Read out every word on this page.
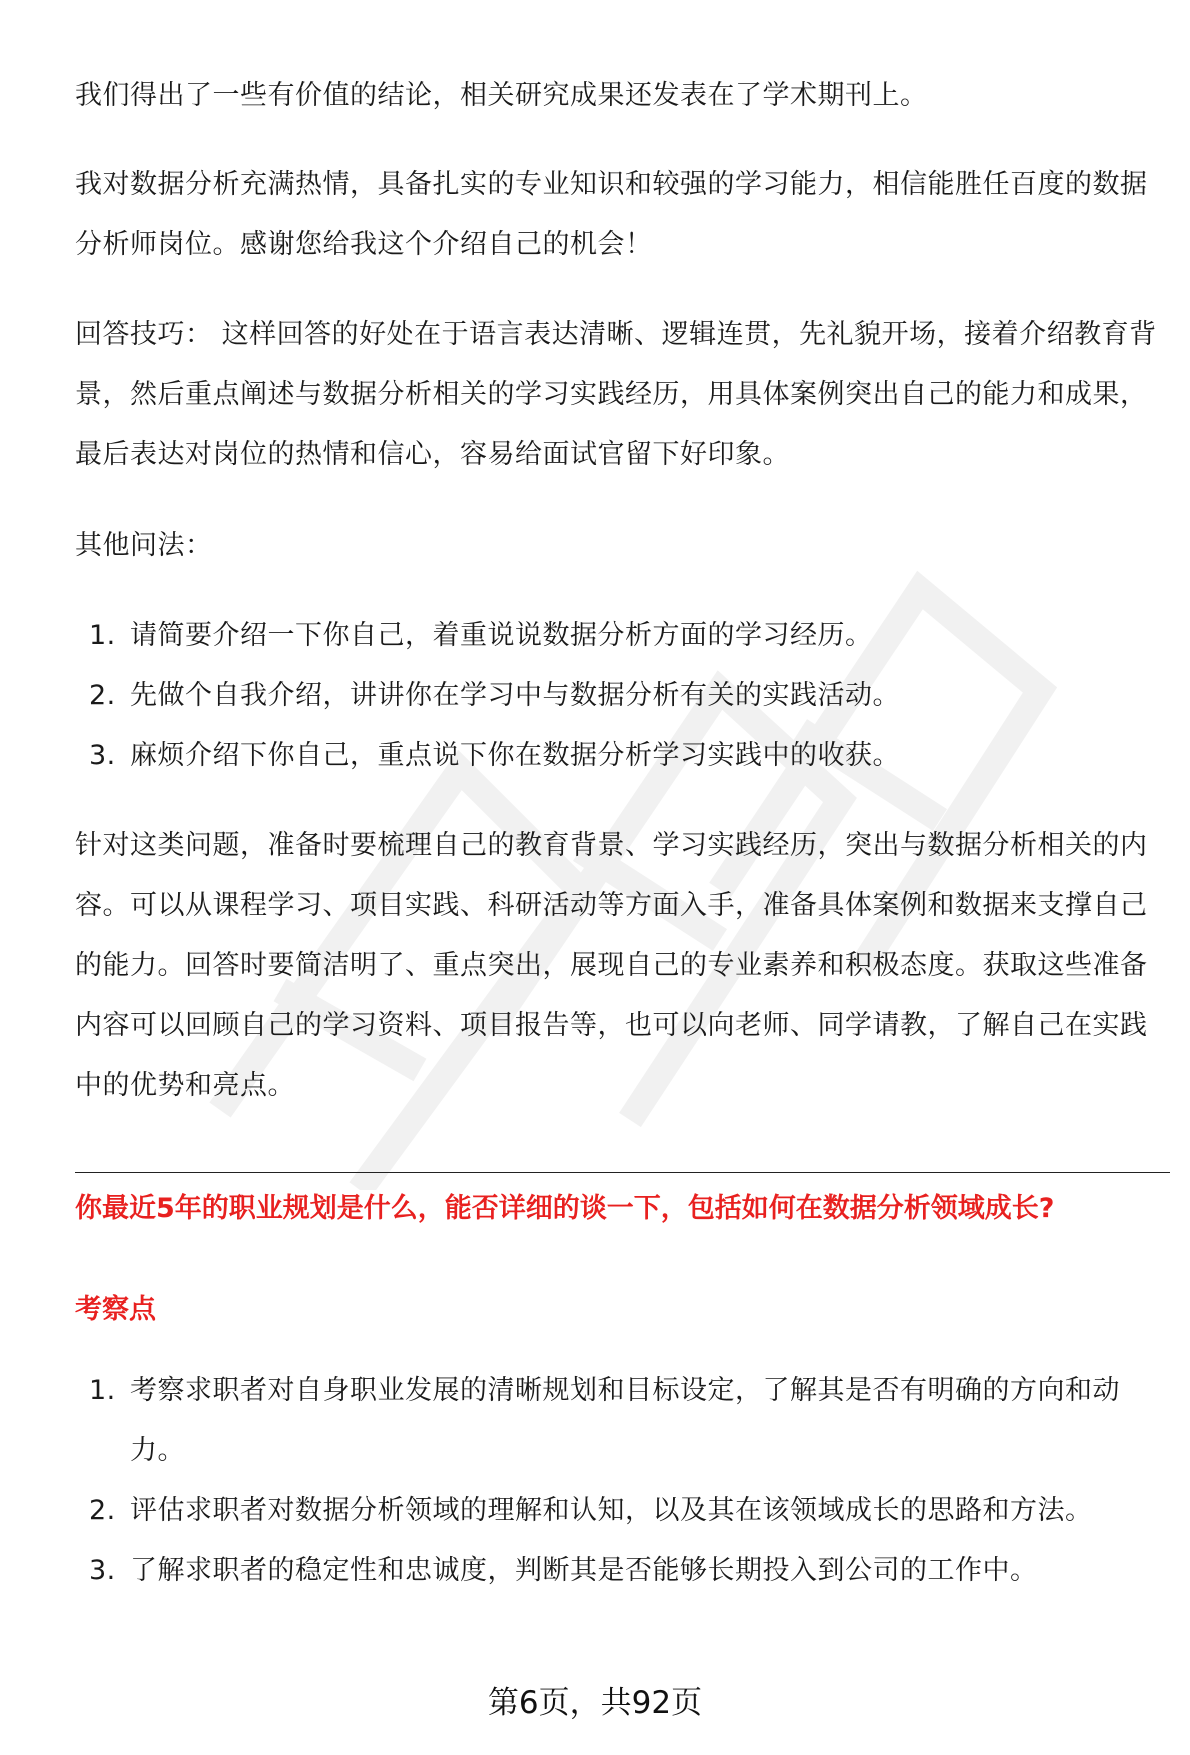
我们得出了一些有价值的结论，相关研究成果还发表在了学术期刊上。

我对数据分析充满热情，具备扎实的专业知识和较强的学习能力，相信能胜任百度的数据分析师岗位。感谢您给我这个介绍自己的机会！

回答技巧： 这样回答的好处在于语言表达清晰、逻辑连贯，先礼貌开场，接着介绍教育背景，然后重点阐述与数据分析相关的学习实践经历，用具体案例突出自己的能力和成果，最后表达对岗位的热情和信心，容易给面试官留下好印象。

其他问法：

1. 请简要介绍一下你自己，着重说说数据分析方面的学习经历。
2. 先做个自我介绍，讲讲你在学习中与数据分析有关的实践活动。
3. 麻烦介绍下你自己，重点说下你在数据分析学习实践中的收获。

针对这类问题，准备时要梳理自己的教育背景、学习实践经历，突出与数据分析相关的内容。可以从课程学习、项目实践、科研活动等方面入手，准备具体案例和数据来支撑自己的能力。回答时要简洁明了、重点突出，展现自己的专业素养和积极态度。获取这些准备内容可以回顾自己的学习资料、项目报告等，也可以向老师、同学请教，了解自己在实践中的优势和亮点。

你最近5年的职业规划是什么，能否详细的谈一下，包括如何在数据分析领域成长?
考察点
1. 考察求职者对自身职业发展的清晰规划和目标设定，了解其是否有明确的方向和动力。
2. 评估求职者对数据分析领域的理解和认知，以及其在该领域成长的思路和方法。
3. 了解求职者的稳定性和忠诚度，判断其是否能够长期投入到公司的工作中。
第6页，共92页
